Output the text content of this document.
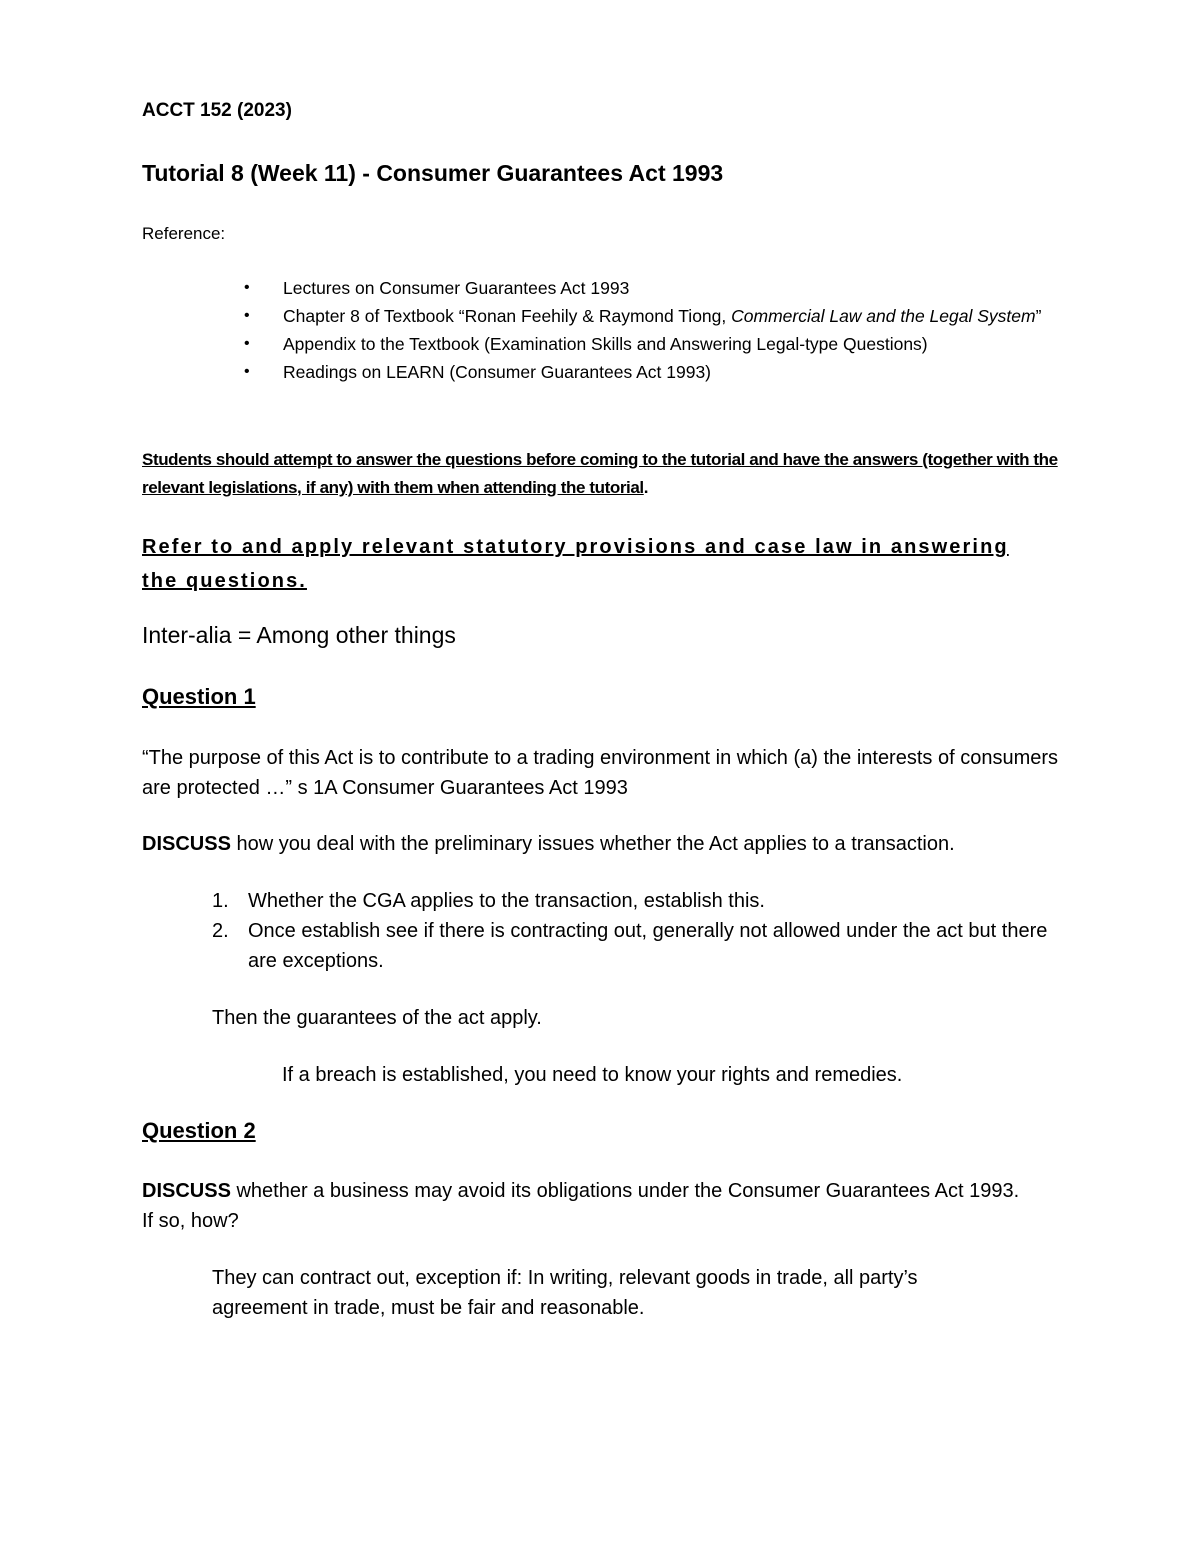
ACCT 152 (2023)
Tutorial 8 (Week 11) - Consumer Guarantees Act 1993
Reference:
• Lectures on Consumer Guarantees Act 1993
• Chapter 8 of Textbook “Ronan Feehily & Raymond Tiong, Commercial Law and the Legal System”
• Appendix to the Textbook (Examination Skills and Answering Legal-type Questions)
• Readings on LEARN (Consumer Guarantees Act 1993)
Students should attempt to answer the questions before coming to the tutorial and have the answers (together with the relevant legislations, if any) with them when attending the tutorial.
Refer to and apply relevant statutory provisions and case law in answering the questions.
Inter-alia = Among other things
Question 1
“The purpose of this Act is to contribute to a trading environment in which (a) the interests of consumers are protected …” s 1A Consumer Guarantees Act 1993
DISCUSS how you deal with the preliminary issues whether the Act applies to a transaction.
1. Whether the CGA applies to the transaction, establish this.
2. Once establish see if there is contracting out, generally not allowed under the act but there are exceptions.
Then the guarantees of the act apply.
If a breach is established, you need to know your rights and remedies.
Question 2
DISCUSS whether a business may avoid its obligations under the Consumer Guarantees Act 1993. If so, how?
They can contract out, exception if: In writing, relevant goods in trade, all party’s agreement in trade, must be fair and reasonable.
